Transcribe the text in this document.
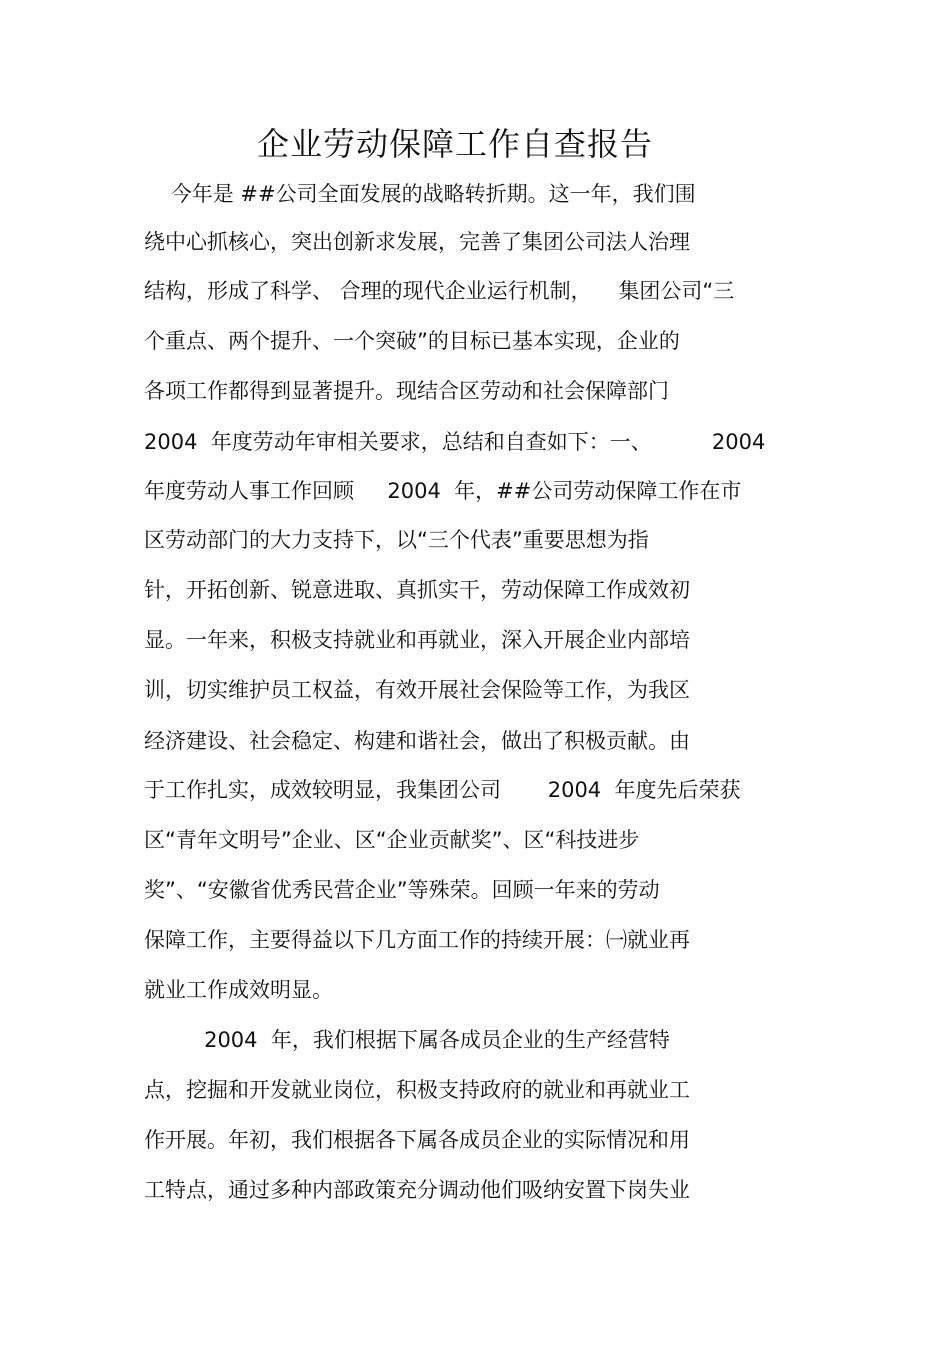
企业劳动保障工作自查报告

今年是 ##公司全面发展的战略转折期。这一年，我们围

绕中心抓核心，突出创新求发展，完善了集团公司法人治理

结构，形成了科学、 合理的现代企业运行机制，    集团公司“三

个重点、两个提升、一个突破”的目标已基本实现，企业的

各项工作都得到显著提升。现结合区劳动和社会保障部门

2004  年度劳动年审相关要求，总结和自查如下：一、         2004

年度劳动人事工作回顾     2004  年，##公司劳动保障工作在市

区劳动部门的大力支持下，以“三个代表”重要思想为指

针，开拓创新、锐意进取、真抓实干，劳动保障工作成效初

显。一年来，积极支持就业和再就业，深入开展企业内部培

训，切实维护员工权益，有效开展社会保险等工作，为我区

经济建设、社会稳定、构建和谐社会，做出了积极贡献。由

于工作扎实，成效较明显，我集团公司       2004  年度先后荣获

区“青年文明号”企业、区“企业贡献奖”、区“科技进步

奖”、“安徽省优秀民营企业”等殊荣。回顾一年来的劳动

保障工作，主要得益以下几方面工作的持续开展：㈠就业再

就业工作成效明显。

2004  年，我们根据下属各成员企业的生产经营特

点，挖掘和开发就业岗位，积极支持政府的就业和再就业工

作开展。年初，我们根据各下属各成员企业的实际情况和用

工特点，通过多种内部政策充分调动他们吸纳安置下岗失业
